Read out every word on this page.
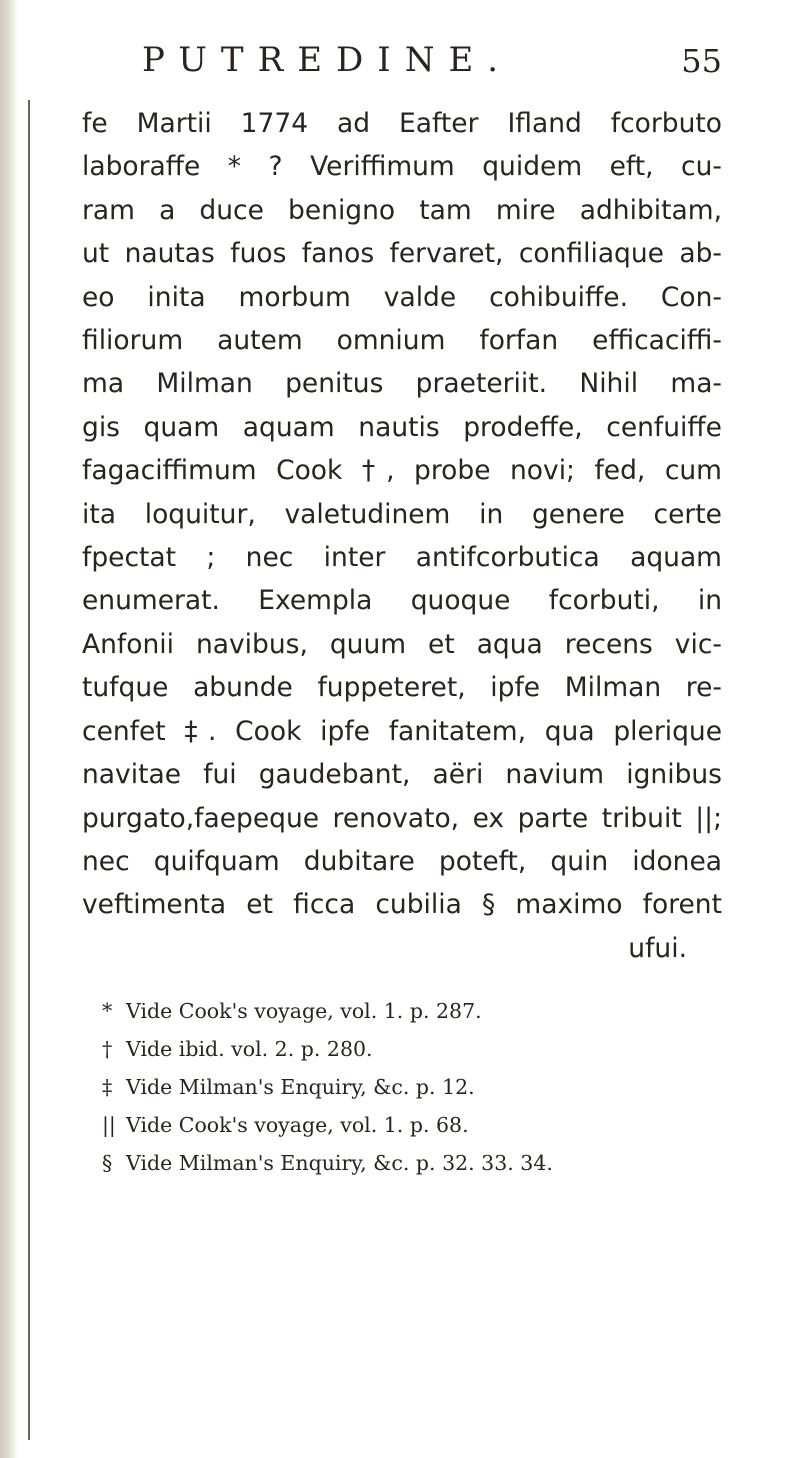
PUTREDINE.	55
fe Martii 1774 ad Eafter Ifland fcorbuto
laboraffe * ? Veriffimum quidem eft, cu-
ram a duce benigno tam mire adhibitam,
ut nautas fuos fanos fervaret, confiliaque ab-
eo inita morbum valde cohibuiffe. Con-
filiorum autem omnium forfan efficaciffi-
ma Milman penitus praeteriit. Nihil ma-
gis quam aquam nautis prodeffe, cenfuiffe
fagaciffimum Cook †, probe novi; fed, cum
ita loquitur, valetudinem in genere certe
fpectat ; nec inter antifcorbutica aquam
enumerat. Exempla quoque fcorbuti, in
Anfonii navibus, quum et aqua recens vic-
tufque abunde fuppeteret, ipfe Milman re-
cenfet ‡. Cook ipfe fanitatem, qua plerique
navitae fui gaudebant, aëri navium ignibus
purgato,faepeque renovato, ex parte tribuit ||;
nec quifquam dubitare poteft, quin idonea
veftimenta et ficca cubilia § maximo forent
ufui.
* Vide Cook's voyage, vol. 1. p. 287.
† Vide ibid. vol. 2. p. 280.
‡ Vide Milman's Enquiry, &c. p. 12.
|| Vide Cook's voyage, vol. 1. p. 68.
§ Vide Milman's Enquiry, &c. p. 32. 33. 34.
